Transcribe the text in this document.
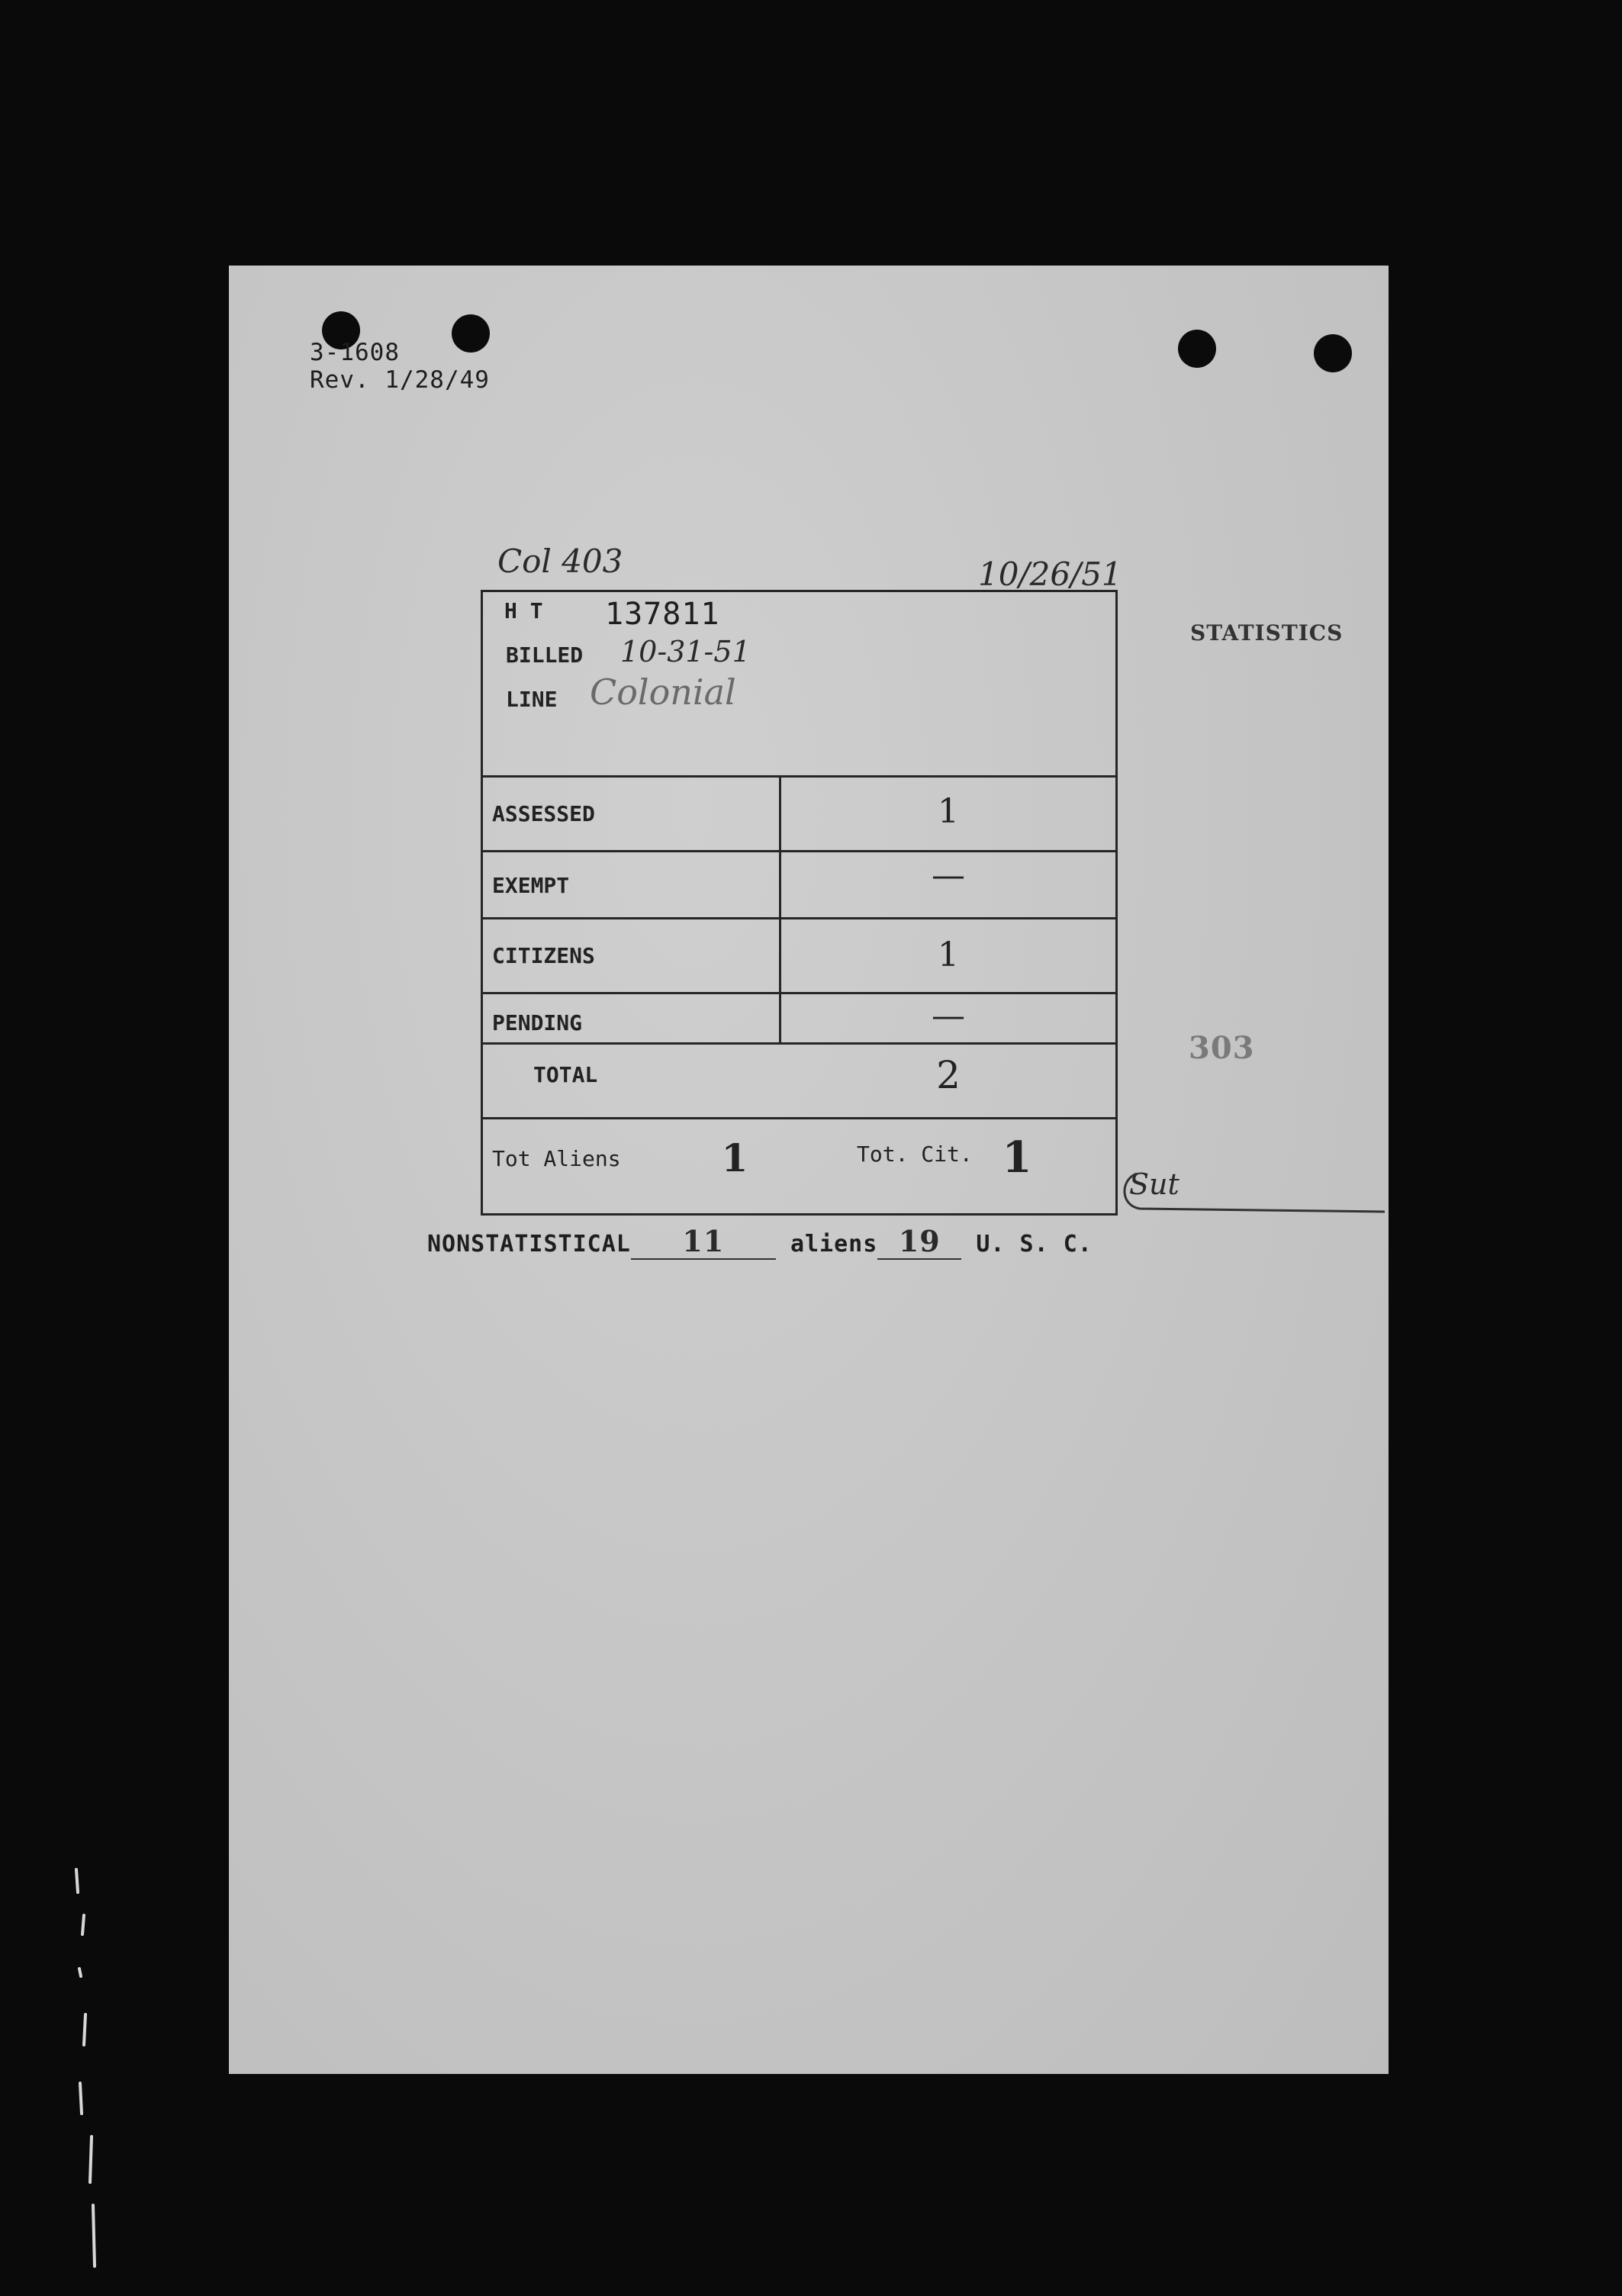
3-1608
Rev. 1/28/49
Col 403	10/26/51
STATISTICS
303
H T 137811
BILLED 10-31-51
LINE Colonial
ASSESSED	1
EXEMPT	—
CITIZENS	1
PENDING	—
TOTAL	2
Tot Aliens	1	Tot. Cit. 1
Sut
NONSTATISTICAL 11	aliens 19 U. S. C.
